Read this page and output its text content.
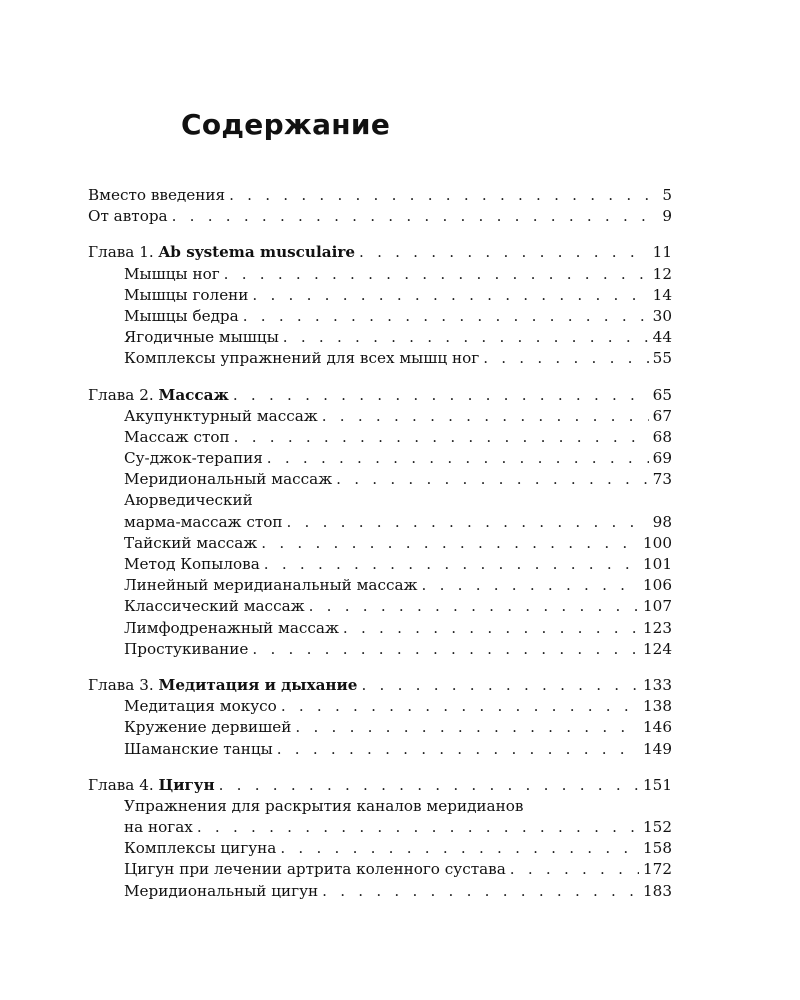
Содержание
Вместо введения . . .	5
От автора . . .	9
Глава 1. Ab systema musculaire . . .	11
Мышцы ног . . .	12
Мышцы голени . . .	14
Мышцы бедра . . .	30
Ягодичные мышцы . . .	44
Комплексы упражнений для всех мышц ног . . .	55
Глава 2. Массаж . . .	65
Акупунктурный массаж . . .	67
Массаж стоп . . .	68
Су-джок-терапия . . .	69
Меридиональный массаж . . .	73
Аюрведический
марма-массаж стоп . . .	98
Тайский массаж . . .	100
Метод Копылова . . .	101
Линейный меридианальный массаж . . .	106
Классический массаж . . .	107
Лимфодренажный массаж . . .	123
Простукивание . . .	124
Глава 3. Медитация и дыхание . . .	133
Медитация мокусо . . .	138
Кружение дервишей . . .	146
Шаманские танцы . . .	149
Глава 4. Цигун . . .	151
Упражнения для раскрытия каналов меридианов
на ногах . . .	152
Комплексы цигуна . . .	158
Цигун при лечении артрита коленного сустава . . .	172
Меридиональный цигун . . .	183
